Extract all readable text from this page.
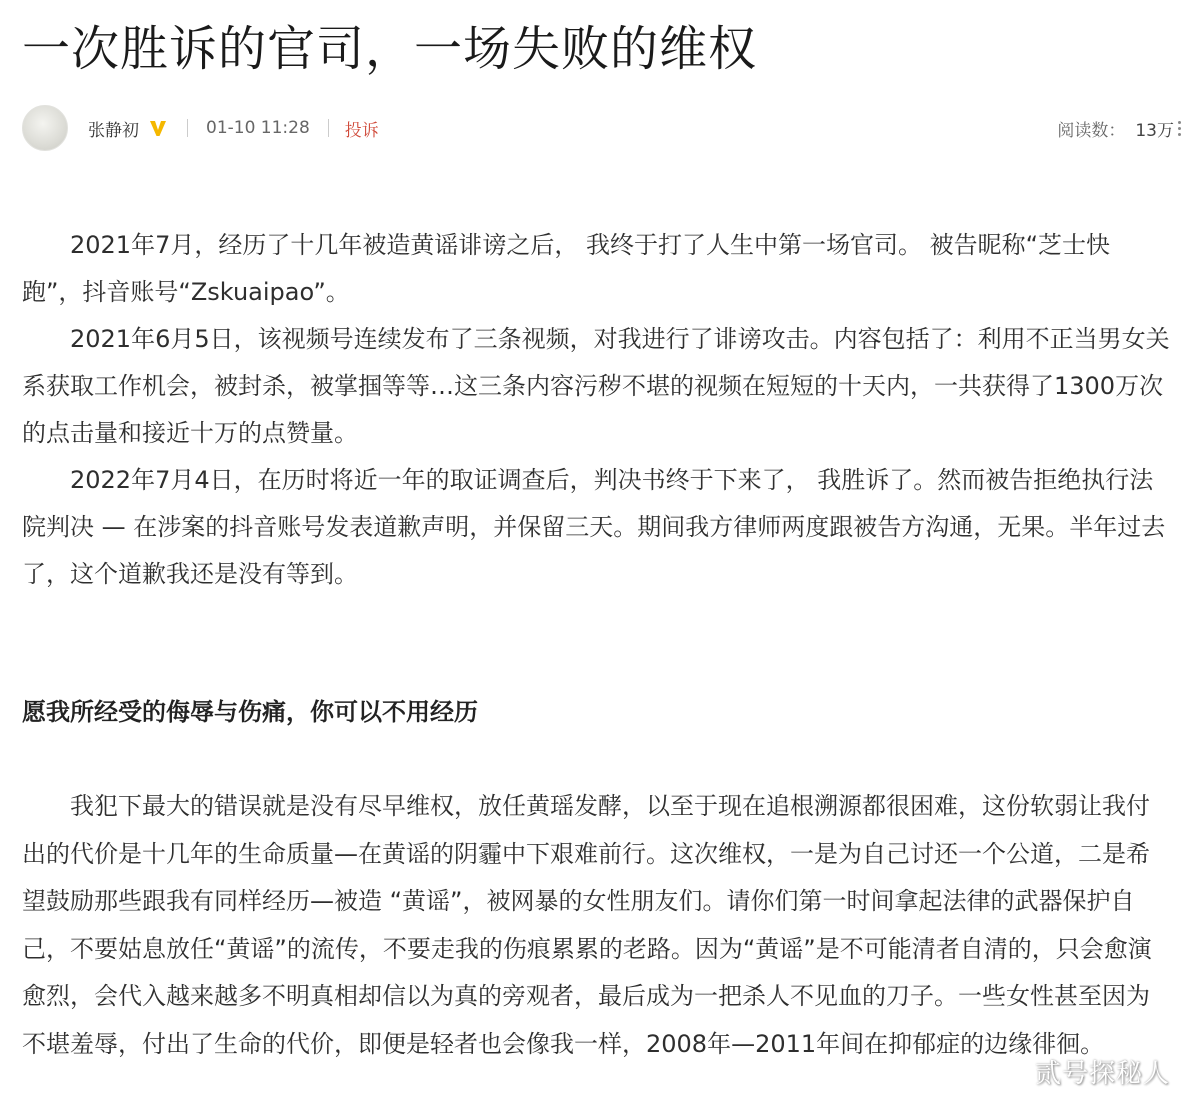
一次胜诉的官司，一场失败的维权
张静初	01-10 11:28 投诉	阅读数： 13万

2021年7月，经历了十几年被造黄谣诽谤之后， 我终于打了人生中第一场官司。 被告昵称“芝士快跑”，抖音账号“Zskuaipao”。

2021年6月5日，该视频号连续发布了三条视频，对我进行了诽谤攻击。内容包括了：利用不正当男女关系获取工作机会，被封杀，被掌掴等等…这三条内容污秽不堪的视频在短短的十天内，一共获得了1300万次的点击量和接近十万的点赞量。

2022年7月4日，在历时将近一年的取证调查后，判决书终于下来了， 我胜诉了。然而被告拒绝执行法院判决 — 在涉案的抖音账号发表道歉声明，并保留三天。期间我方律师两度跟被告方沟通，无果。半年过去了，这个道歉我还是没有等到。

愿我所经受的侮辱与伤痛，你可以不用经历

我犯下最大的错误就是没有尽早维权，放任黄瑶发酵，以至于现在追根溯源都很困难，这份软弱让我付出的代价是十几年的生命质量—在黄谣的阴霾中下艰难前行。这次维权，一是为自己讨还一个公道，二是希望鼓励那些跟我有同样经历—被造 “黄谣”，被网暴的女性朋友们。请你们第一时间拿起法律的武器保护自己，不要姑息放任“黄谣”的流传，不要走我的伤痕累累的老路。因为“黄谣”是不可能清者自清的，只会愈演愈烈，会代入越来越多不明真相却信以为真的旁观者，最后成为一把杀人不见血的刀子。一些女性甚至因为不堪羞辱，付出了生命的代价，即便是轻者也会像我一样，2008年—2011年间在抑郁症的边缘徘徊。

贰号探秘人
